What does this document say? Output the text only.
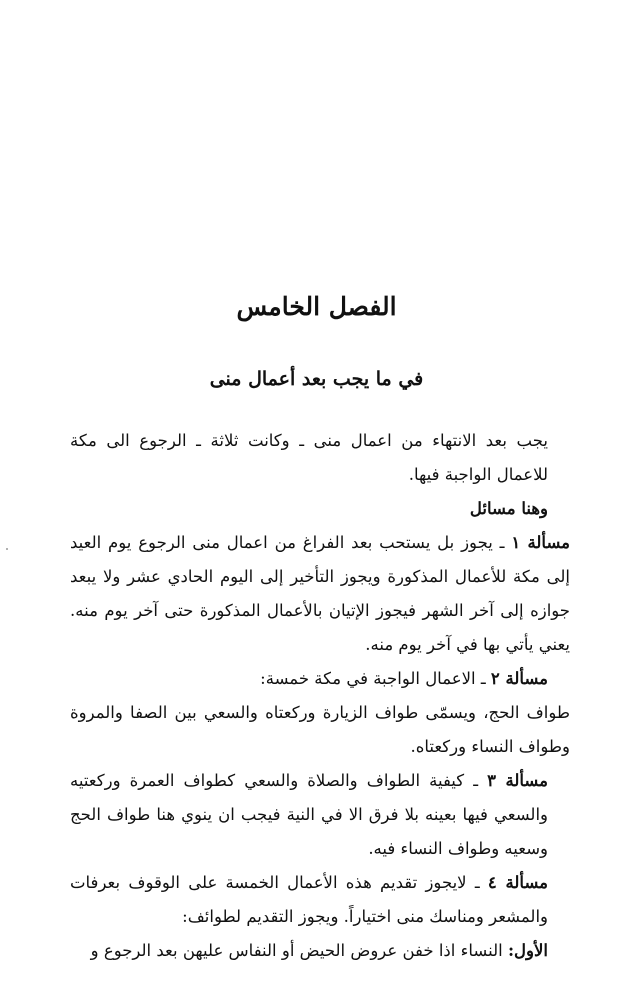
الفصل الخامس
في ما يجب بعد أعمال منى

يجب بعد الانتهاء من اعمال منى ـ وكانت ثلاثة ـ الرجوع الى مكة للاعمال الواجبة فيها.

وهنا مسائل

مسألة ١ ـ يجوز بل يستحب بعد الفراغ من اعمال منى الرجوع يوم العيد إلى مكة للأعمال المذكورة ويجوز التأخير إلى اليوم الحادي عشر ولا يبعد جوازه إلى آخر الشهر فيجوز الإتيان بالأعمال المذكورة حتى آخر يوم منه. يعني يأتي بها في آخر يوم منه.

مسألة ٢ ـ الاعمال الواجبة في مكة خمسة:

طواف الحج، ويسمّى طواف الزيارة وركعتاه والسعي بين الصفا والمروة وطواف النساء وركعتاه.

مسألة ٣ ـ كيفية الطواف والصلاة والسعي كطواف العمرة وركعتيه والسعي فيها بعينه بلا فرق الا في النية فيجب ان ينوي هنا طواف الحج وسعيه وطواف النساء فيه.

مسألة ٤ ـ لايجوز تقديم هذه الأعمال الخمسة على الوقوف بعرفات والمشعر ومناسك منى اختياراً. ويجوز التقديم لطوائف:

الأول: النساء اذا خفن عروض الحيض أو النفاس عليهن بعد الرجوع و
